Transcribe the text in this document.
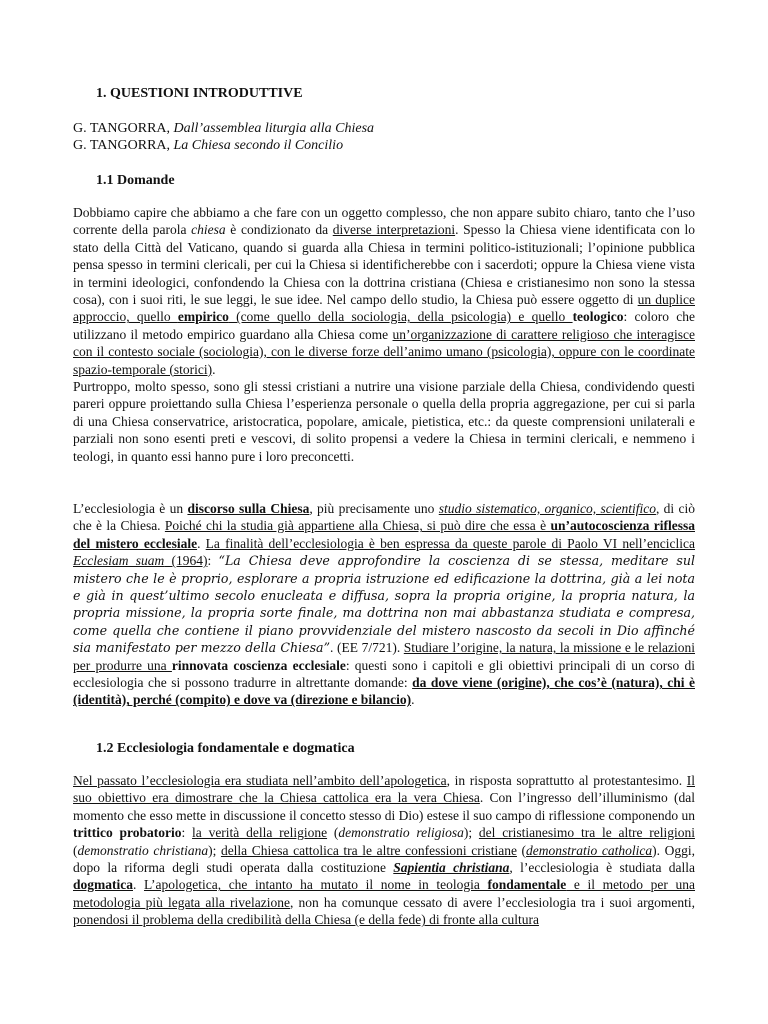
1. QUESTIONI INTRODUTTIVE
G. TANGORRA, Dall’assemblea liturgia alla Chiesa
G. TANGORRA, La Chiesa secondo il Concilio
1.1 Domande

Dobbiamo capire che abbiamo a che fare con un oggetto complesso, che non appare subito chiaro, tanto che l’uso corrente della parola chiesa è condizionato da diverse interpretazioni. Spesso la Chiesa viene identificata con lo stato della Città del Vaticano, quando si guarda alla Chiesa in termini politico-istituzionali; l’opinione pubblica pensa spesso in termini clericali, per cui la Chiesa si identificherebbe con i sacerdoti; oppure la Chiesa viene vista in termini ideologici, confondendo la Chiesa con la dottrina cristiana (Chiesa e cristianesimo non sono la stessa cosa), con i suoi riti, le sue leggi, le sue idee. Nel campo dello studio, la Chiesa può essere oggetto di un duplice approccio, quello empirico (come quello della sociologia, della psicologia) e quello teologico: coloro che utilizzano il metodo empirico guardano alla Chiesa come un’organizzazione di carattere religioso che interagisce con il contesto sociale (sociologia), con le diverse forze dell’animo umano (psicologia), oppure con le coordinate spazio-temporale (storici).

Purtroppo, molto spesso, sono gli stessi cristiani a nutrire una visione parziale della Chiesa, condividendo questi pareri oppure proiettando sulla Chiesa l’esperienza personale o quella della propria aggregazione, per cui si parla di una Chiesa conservatrice, aristocratica, popolare, amicale, pietistica, etc.: da queste comprensioni unilaterali e parziali non sono esenti preti e vescovi, di solito propensi a vedere la Chiesa in termini clericali, e nemmeno i teologi, in quanto essi hanno pure i loro preconcetti.

L’ecclesiologia è un discorso sulla Chiesa, più precisamente uno studio sistematico, organico, scientifico, di ciò che è la Chiesa. Poiché chi la studia già appartiene alla Chiesa, si può dire che essa è un’autocoscienza riflessa del mistero ecclesiale. La finalità dell’ecclesiologia è ben espressa da queste parole di Paolo VI nell’enciclica Ecclesiam suam (1964): “La Chiesa deve approfondire la coscienza di se stessa, meditare sul mistero che le è proprio, esplorare a propria istruzione ed edificazione la dottrina, già a lei nota e già in quest’ultimo secolo enucleata e diffusa, sopra la propria origine, la propria natura, la propria missione, la propria sorte finale, ma dottrina non mai abbastanza studiata e compresa, come quella che contiene il piano provvidenziale del mistero nascosto da secoli in Dio affinché sia manifestato per mezzo della Chiesa”. (EE 7/721). Studiare l’origine, la natura, la missione e le relazioni per produrre una rinnovata coscienza ecclesiale: questi sono i capitoli e gli obiettivi principali di un corso di ecclesiologia che si possono tradurre in altrettante domande: da dove viene (origine), che cos’è (natura), chi è (identità), perché (compito) e dove va (direzione e bilancio).

1.2 Ecclesiologia fondamentale e dogmatica

Nel passato l’ecclesiologia era studiata nell’ambito dell’apologetica, in risposta soprattutto al protestantesimo. Il suo obiettivo era dimostrare che la Chiesa cattolica era la vera Chiesa. Con l’ingresso dell’illuminismo (dal momento che esso mette in discussione il concetto stesso di Dio) estese il suo campo di riflessione componendo un trittico probatorio: la verità della religione (demonstratio religiosa); del cristianesimo tra le altre religioni (demonstratio christiana); della Chiesa cattolica tra le altre confessioni cristiane (demonstratio catholica). Oggi, dopo la riforma degli studi operata dalla costituzione Sapientia christiana, l’ecclesiologia è studiata dalla dogmatica. L’apologetica, che intanto ha mutato il nome in teologia fondamentale e il metodo per una metodologia più legata alla rivelazione, non ha comunque cessato di avere l’ecclesiologia tra i suoi argomenti, ponendosi il problema della credibilità della Chiesa (e della fede) di fronte alla cultura
